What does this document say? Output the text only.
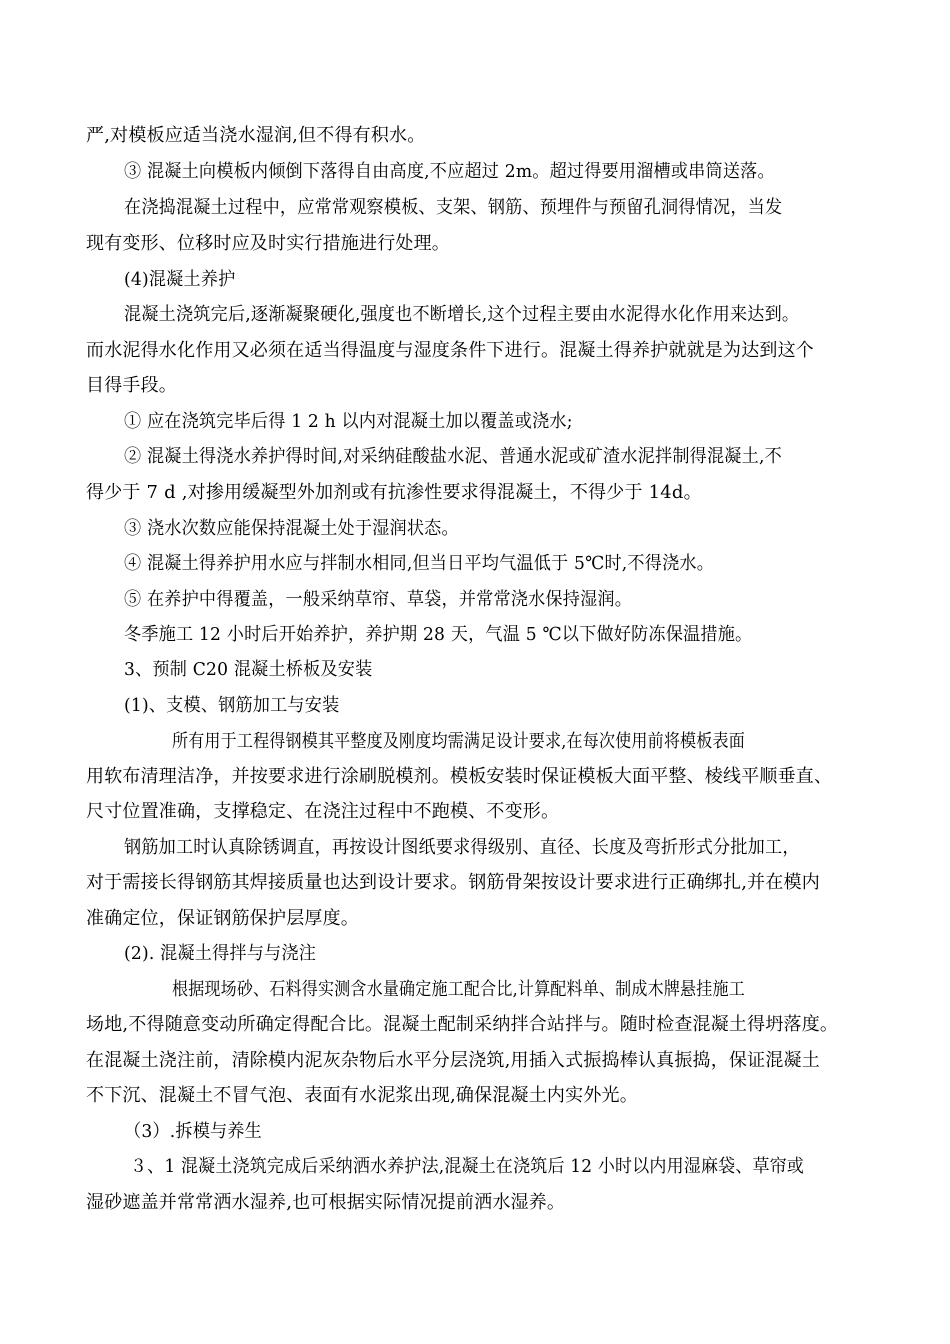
严,对模板应适当浇水湿润,但不得有积水。
③ 混凝土向模板内倾倒下落得自由高度,不应超过 2m。超过得要用溜槽或串筒送落。
在浇捣混凝土过程中，应常常观察模板、支架、钢筋、预埋件与预留孔洞得情况，当发
现有变形、位移时应及时实行措施进行处理。
(4)混凝土养护
混凝土浇筑完后,逐渐凝聚硬化,强度也不断增长,这个过程主要由水泥得水化作用来达到。
而水泥得水化作用又必须在适当得温度与湿度条件下进行。混凝土得养护就就是为达到这个
目得手段。
① 应在浇筑完毕后得 1 2 h 以内对混凝土加以覆盖或浇水;
② 混凝土得浇水养护得时间,对采纳硅酸盐水泥、普通水泥或矿渣水泥拌制得混凝土,不
得少于 7 d ,对掺用缓凝型外加剂或有抗渗性要求得混凝土，不得少于 14d。
③ 浇水次数应能保持混凝土处于湿润状态。
④ 混凝土得养护用水应与拌制水相同,但当日平均气温低于 5℃时,不得浇水。
⑤ 在养护中得覆盖，一般采纳草帘、草袋，并常常浇水保持湿润。
冬季施工 12 小时后开始养护，养护期 28 天，气温 5 ℃以下做好防冻保温措施。
3、预制 C20 混凝土桥板及安装
(1)、支模、钢筋加工与安装
所有用于工程得钢模其平整度及刚度均需满足设计要求,在每次使用前将模板表面
用软布清理洁净，并按要求进行涂刷脱模剂。模板安装时保证模板大面平整、棱线平顺垂直、
尺寸位置准确，支撑稳定、在浇注过程中不跑模、不变形。
钢筋加工时认真除锈调直，再按设计图纸要求得级别、直径、长度及弯折形式分批加工，
对于需接长得钢筋其焊接质量也达到设计要求。钢筋骨架按设计要求进行正确绑扎,并在模内
准确定位，保证钢筋保护层厚度。
(2). 混凝土得拌与与浇注
根据现场砂、石料得实测含水量确定施工配合比,计算配料单、制成木牌悬挂施工
场地,不得随意变动所确定得配合比。混凝土配制采纳拌合站拌与。随时检查混凝土得坍落度。
在混凝土浇注前，清除模内泥灰杂物后水平分层浇筑,用插入式振捣棒认真振捣，保证混凝土
不下沉、混凝土不冒气泡、表面有水泥浆出现,确保混凝土内实外光。
（3）.拆模与养生
３、1 混凝土浇筑完成后采纳洒水养护法,混凝土在浇筑后 12 小时以内用湿麻袋、草帘或
湿砂遮盖并常常洒水湿养,也可根据实际情况提前洒水湿养。
